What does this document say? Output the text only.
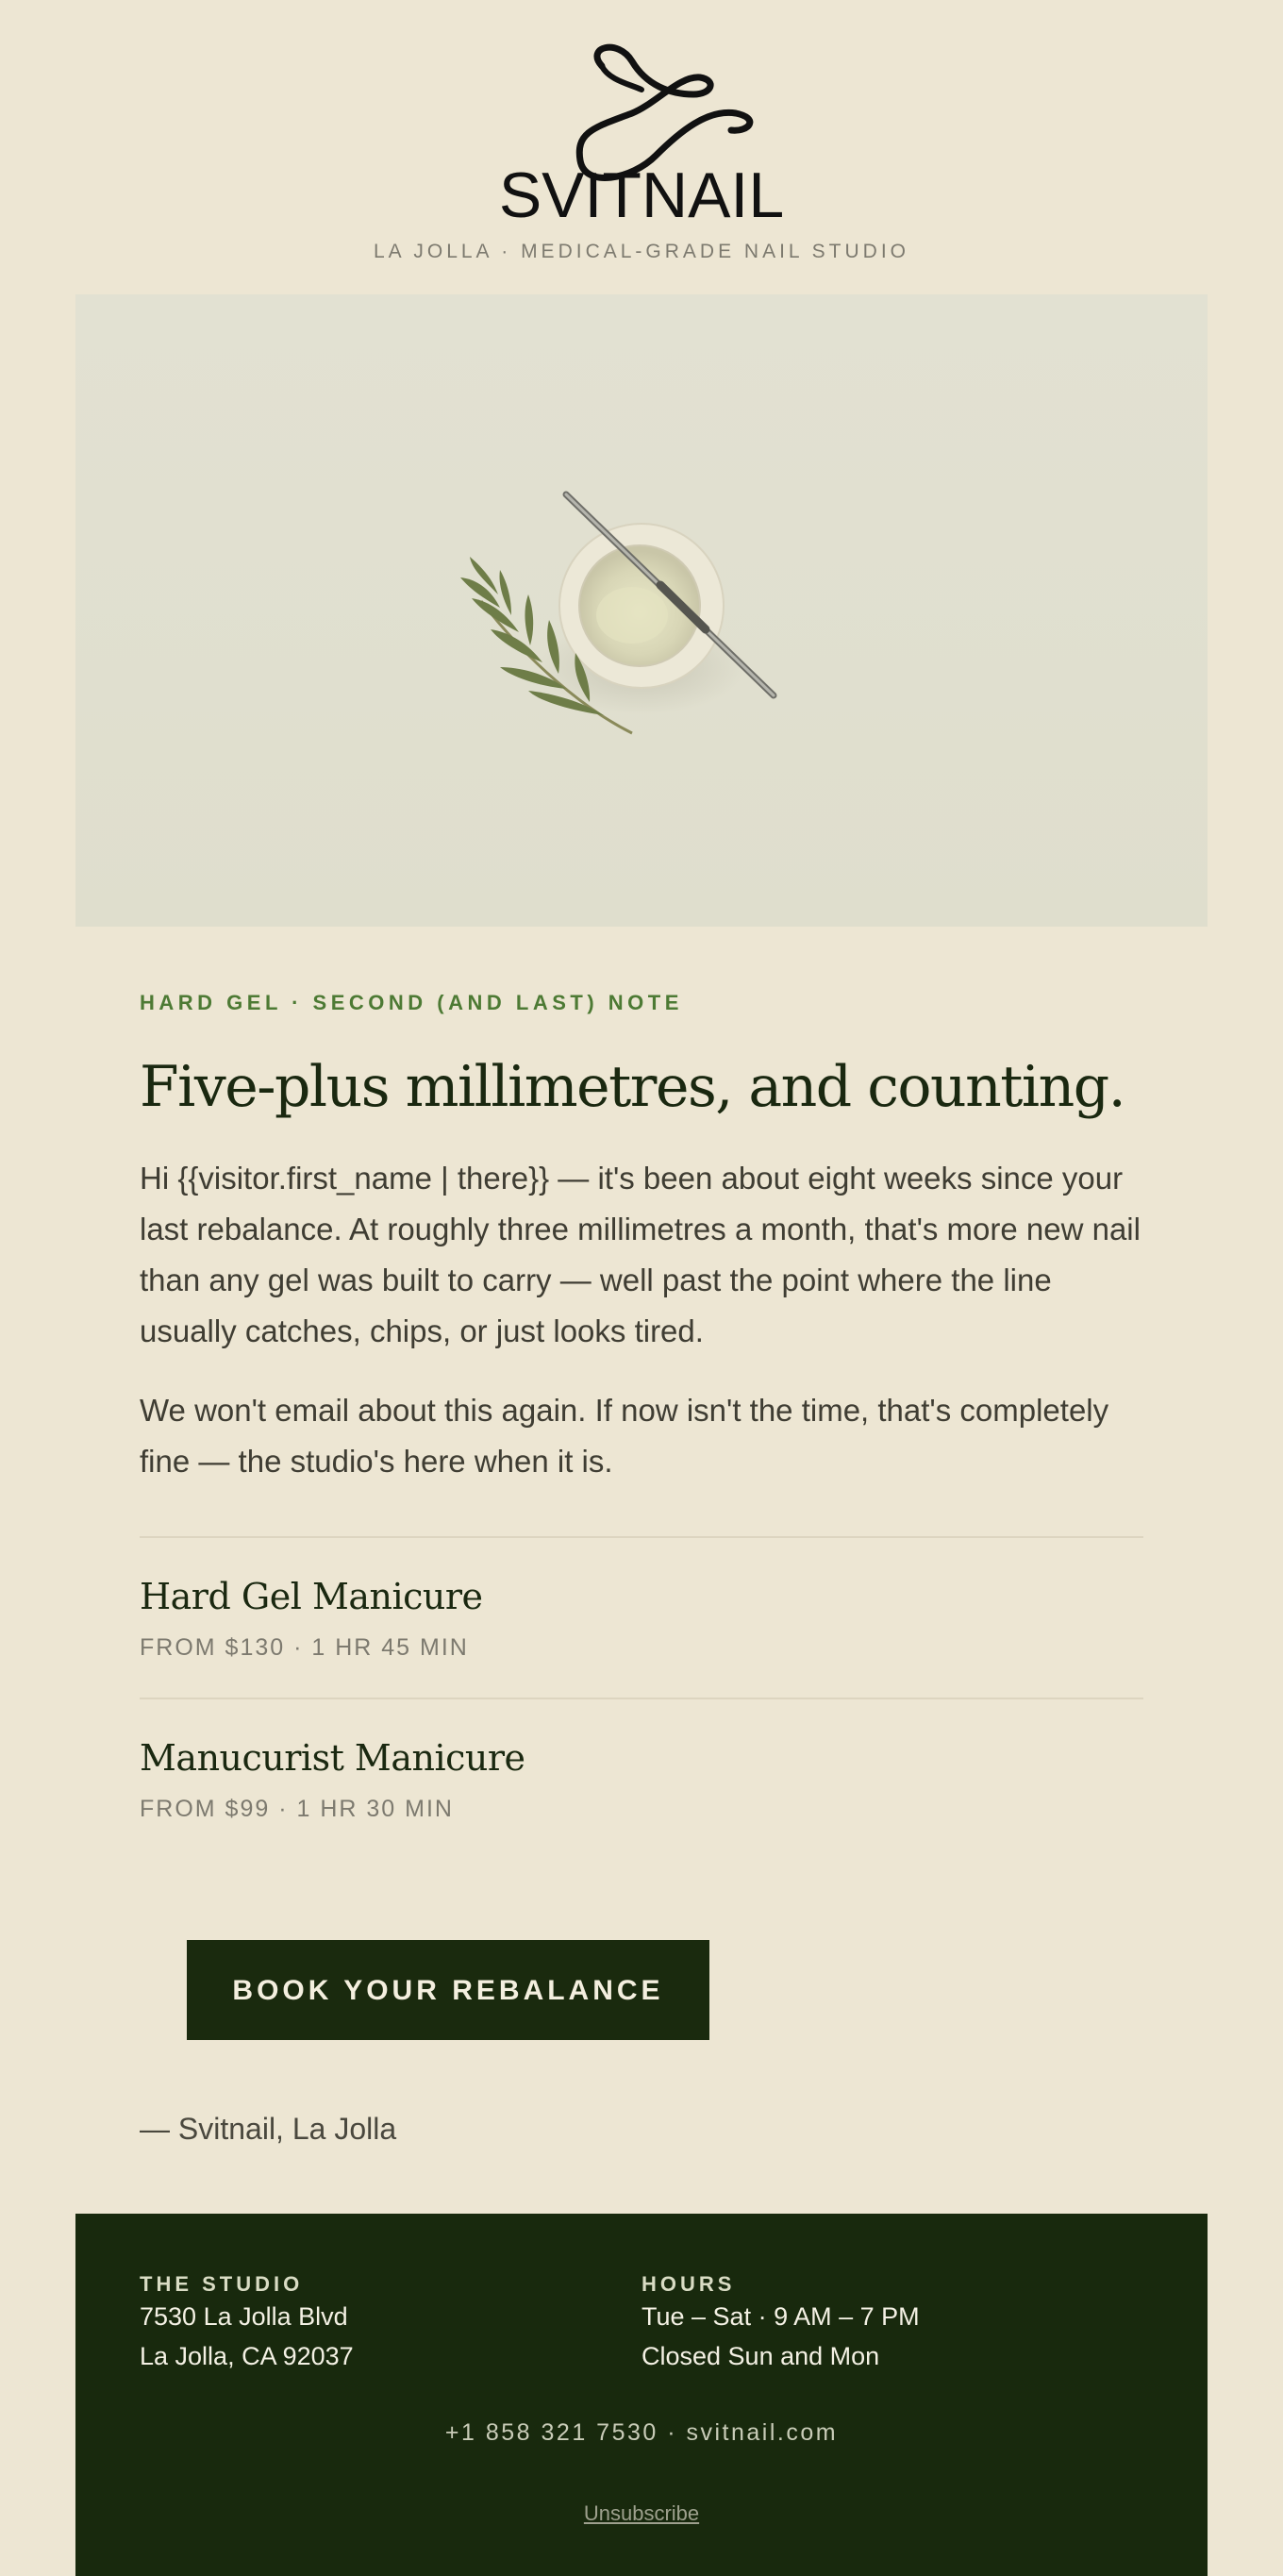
SVITNAIL
LA JOLLA · MEDICAL-GRADE NAIL STUDIO

HARD GEL · SECOND (AND LAST) NOTE

Five-plus millimetres, and counting.

Hi {{visitor.first_name | there}} — it's been about eight weeks since your last rebalance. At roughly three millimetres a month, that's more new nail than any gel was built to carry — well past the point where the line usually catches, chips, or just looks tired.

We won't email about this again. If now isn't the time, that's completely fine — the studio's here when it is.

Hard Gel Manicure
FROM $130 · 1 HR 45 MIN
Manucurist Manicure
FROM $99 · 1 HR 30 MIN
BOOK YOUR REBALANCE
— Svitnail, La Jolla
THE STUDIO
7530 La Jolla Blvd
La Jolla, CA 92037
HOURS
Tue – Sat · 9 AM – 7 PM
Closed Sun and Mon
+1 858 321 7530 · svitnail.com
Unsubscribe
